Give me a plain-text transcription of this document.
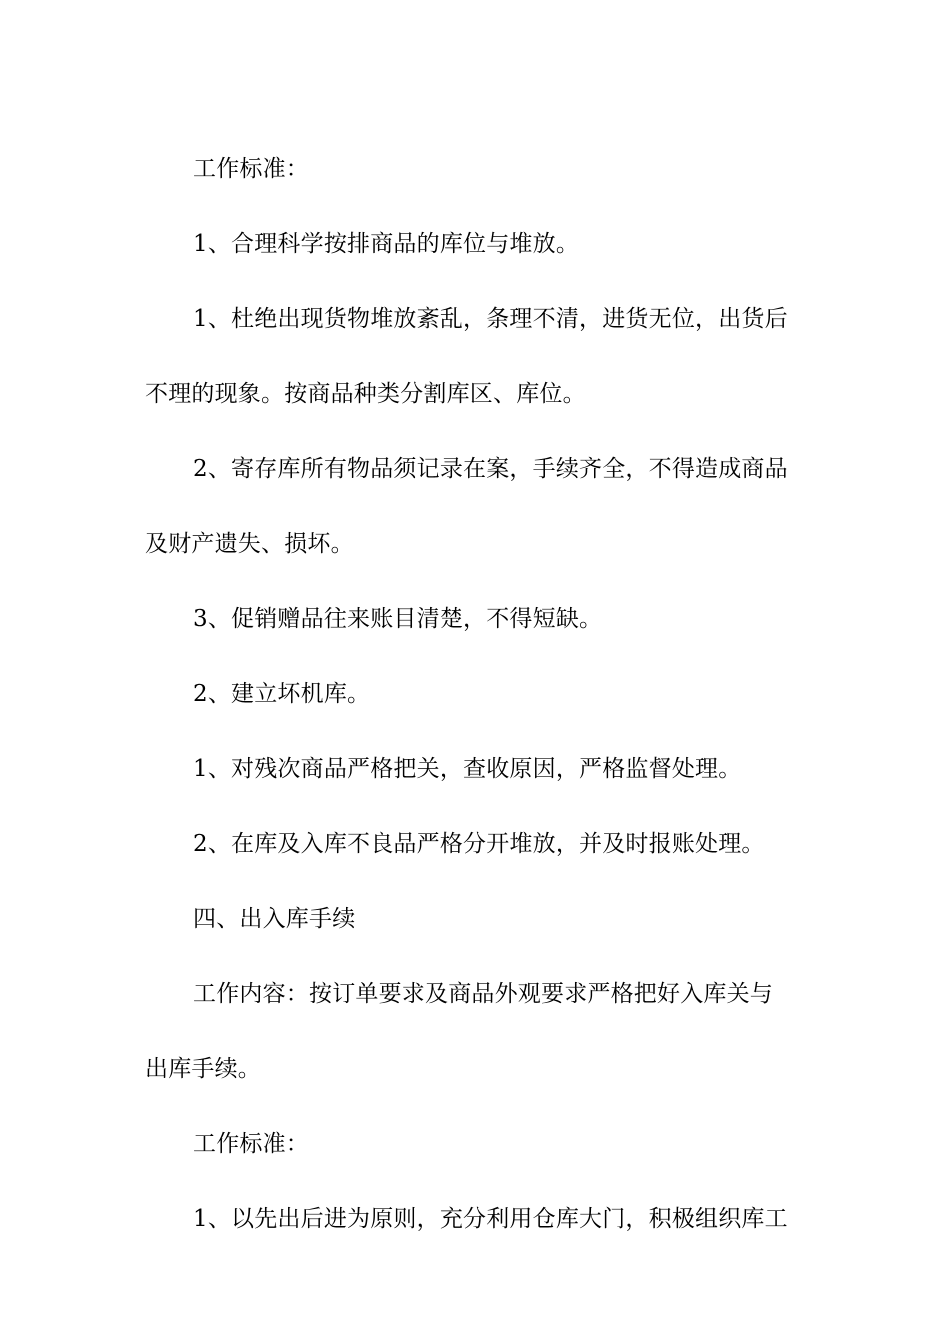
工作标准：

1、合理科学按排商品的库位与堆放。

1、杜绝出现货物堆放紊乱，条理不清，进货无位，出货后
不理的现象。按商品种类分割库区、库位。

2、寄存库所有物品须记录在案，手续齐全，不得造成商品
及财产遗失、损坏。

3、促销赠品往来账目清楚，不得短缺。

2、建立坏机库。

1、对残次商品严格把关，查收原因，严格监督处理。

2、在库及入库不良品严格分开堆放，并及时报账处理。

四、出入库手续

工作内容：按订单要求及商品外观要求严格把好入库关与
出库手续。

工作标准：

1、以先出后进为原则，充分利用仓库大门，积极组织库工
